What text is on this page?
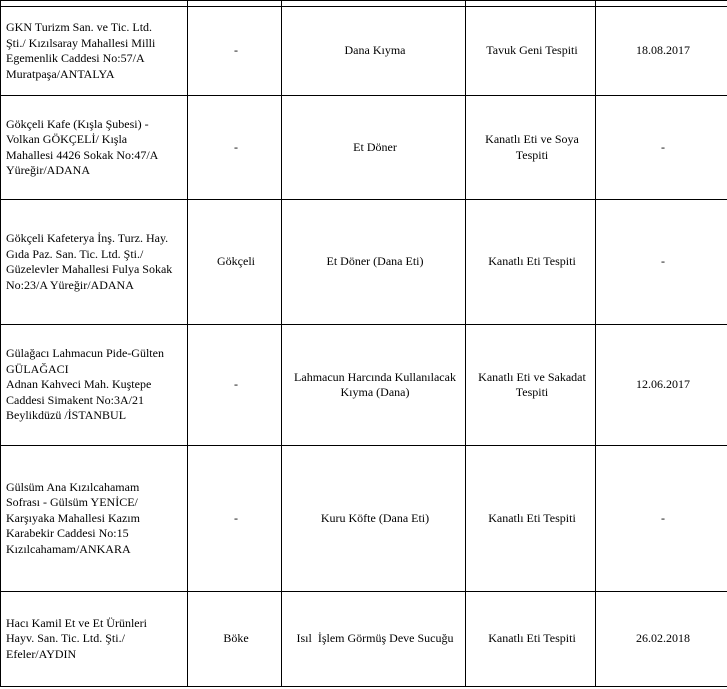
GKN Turizm San. ve Tic. Ltd.
Şti./ Kızılsaray Mahallesi Milli
Egemenlik Caddesi No:57/A
Muratpaşa/ANTALYA	-	Dana Kıyma	Tavuk Geni Tespiti	18.08.2017

Gökçeli Kafe (Kışla Şubesi) -
Volkan GÖKÇELİ/ Kışla
Mahallesi 4426 Sokak No:47/A
Yüreğir/ADANA	-	Et Döner	Kanatlı Eti ve Soya Tespiti	-

Gökçeli Kafeterya İnş. Turz. Hay.
Gıda Paz. San. Tic. Ltd. Şti./
Güzelevler Mahallesi Fulya Sokak
No:23/A Yüreğir/ADANA	Gökçeli	Et Döner (Dana Eti)	Kanatlı Eti Tespiti	-

Gülağacı Lahmacun Pide-Gülten
GÜLAĞACI
Adnan Kahveci Mah. Kuştepe
Caddesi Simakent No:3A/21
Beylikdüzü /İSTANBUL	-	Lahmacun Harcında Kullanılacak Kıyma (Dana)	Kanatlı Eti ve Sakadat Tespiti	12.06.2017

Gülsüm Ana Kızılcahamam
Sofrası - Gülsüm YENİCE/
Karşıyaka Mahallesi Kazım
Karabekir Caddesi No:15
Kızılcahamam/ANKARA	-	Kuru Köfte (Dana Eti)	Kanatlı Eti Tespiti	-

Hacı Kamil Et ve Et Ürünleri
Hayv. San. Tic. Ltd. Şti./
Efeler/AYDIN	Böke	Isıl  İşlem Görmüş Deve Sucuğu	Kanatlı Eti Tespiti	26.02.2018
